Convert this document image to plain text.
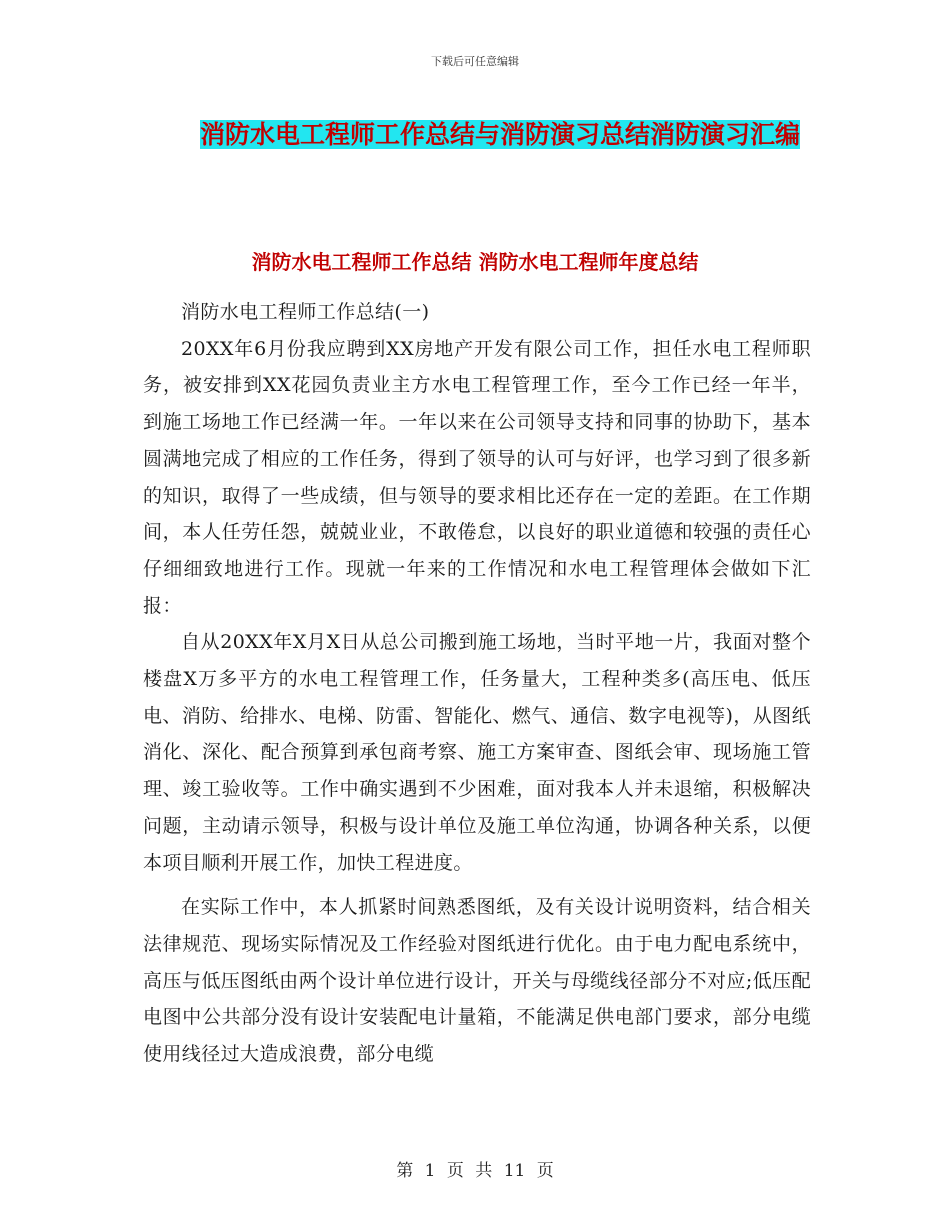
下载后可任意编辑
消防水电工程师工作总结与消防演习总结消防演习汇编
消防水电工程师工作总结 消防水电工程师年度总结

消防水电工程师工作总结(一)

20XX年6月份我应聘到XX房地产开发有限公司工作，担任水电工程师职务，被安排到XX花园负责业主方水电工程管理工作，至今工作已经一年半，到施工场地工作已经满一年。一年以来在公司领导支持和同事的协助下，基本圆满地完成了相应的工作任务，得到了领导的认可与好评，也学习到了很多新的知识，取得了一些成绩，但与领导的要求相比还存在一定的差距。在工作期间，本人任劳任怨，兢兢业业，不敢倦怠，以良好的职业道德和较强的责任心仔细细致地进行工作。现就一年来的工作情况和水电工程管理体会做如下汇报：

自从20XX年X月X日从总公司搬到施工场地，当时平地一片，我面对整个楼盘X万多平方的水电工程管理工作，任务量大，工程种类多(高压电、低压电、消防、给排水、电梯、防雷、智能化、燃气、通信、数字电视等)，从图纸消化、深化、配合预算到承包商考察、施工方案审查、图纸会审、现场施工管理、竣工验收等。工作中确实遇到不少困难，面对我本人并未退缩，积极解决问题，主动请示领导，积极与设计单位及施工单位沟通，协调各种关系，以便本项目顺利开展工作，加快工程进度。

在实际工作中，本人抓紧时间熟悉图纸，及有关设计说明资料，结合相关法律规范、现场实际情况及工作经验对图纸进行优化。由于电力配电系统中，高压与低压图纸由两个设计单位进行设计，开关与母缆线径部分不对应;低压配电图中公共部分没有设计安装配电计量箱，不能满足供电部门要求，部分电缆使用线径过大造成浪费，部分电缆

第 1 页 共 11 页
